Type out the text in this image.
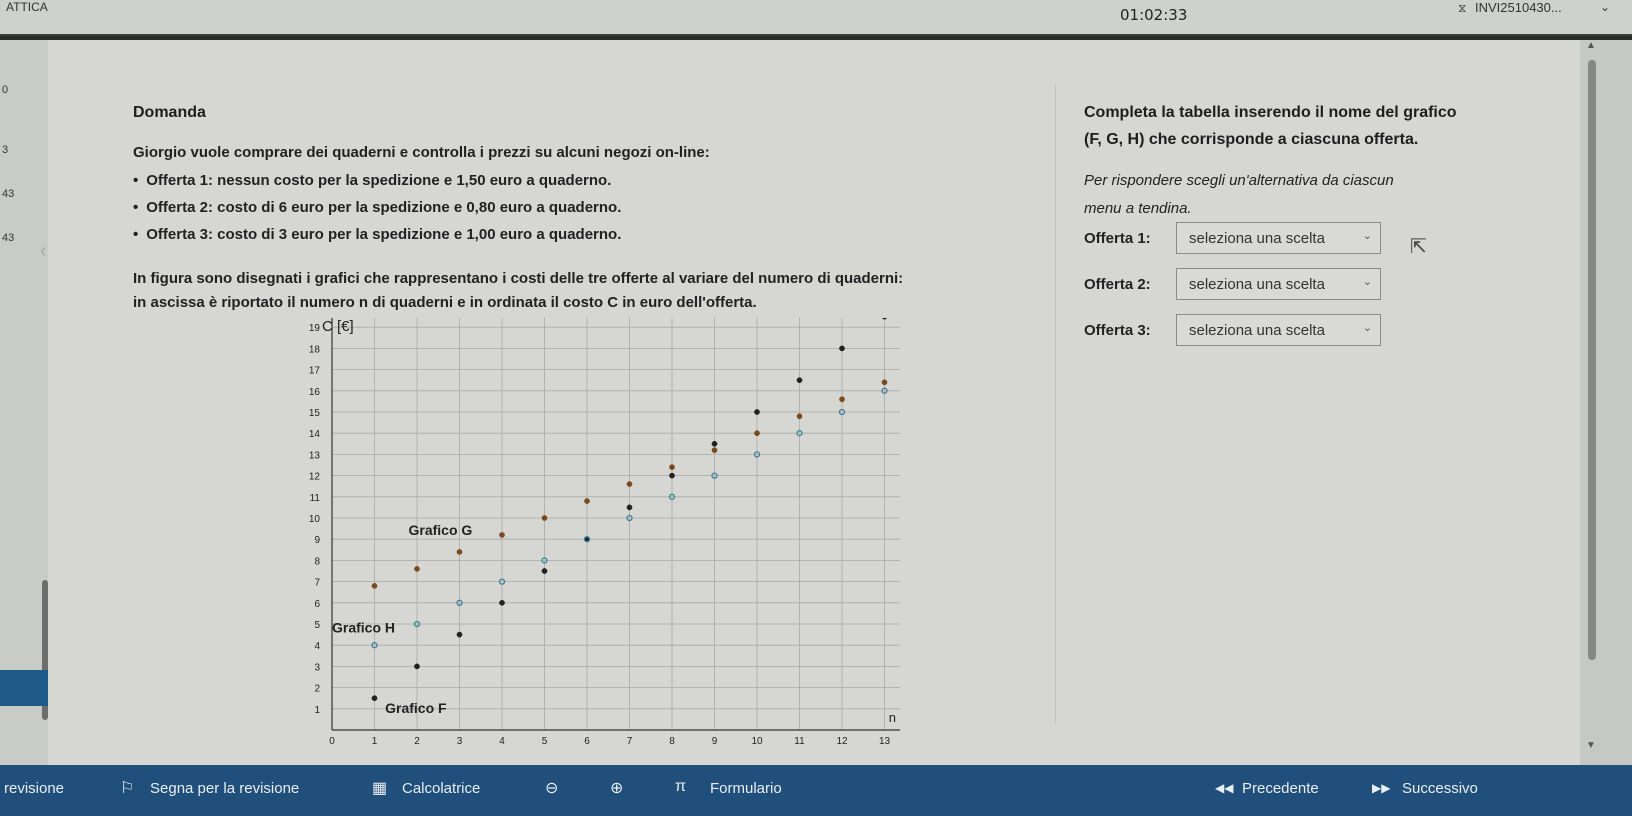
ATTICA	01:02:33	⧖ INVI2510430...	⌄
0
3
43
43
‹
Domanda
Giorgio vuole comprare dei quaderni e controlla i prezzi su alcuni negozi on-line:
• Offerta 1: nessun costo per la spedizione e 1,50 euro a quaderno.
• Offerta 2: costo di 6 euro per la spedizione e 0,80 euro a quaderno.
• Offerta 3: costo di 3 euro per la spedizione e 1,00 euro a quaderno.
In figura sono disegnati i grafici che rappresentano i costi delle tre offerte al variare del numero di quaderni:
in ascissa è riportato il numero n di quaderni e in ordinata il costo C in euro dell'offerta.
Completa la tabella inserendo il nome del grafico
(F, G, H) che corrisponde a ciascuna offerta.
Per rispondere scegli un'alternativa da ciascun
menu a tendina.
Offerta 1:	seleziona una scelta	⌄
Offerta 2:	seleziona una scelta	⌄
Offerta 3:	seleziona una scelta	⌄
⇱
0	1	2	3	4	5	6	7	8	9	10	11	12	13
1
2
3
4
5
6
7
8
9
10
11
12
13
14
15
16
17
18
19 C [€]
n
Grafico G
Grafico H
Grafico F
▲
▼
revisione	⚐ Segna per la revisione	▦ Calcolatrice	⊖	⊕	π Formulario	◀◀ Precedente	▶▶ Successivo
